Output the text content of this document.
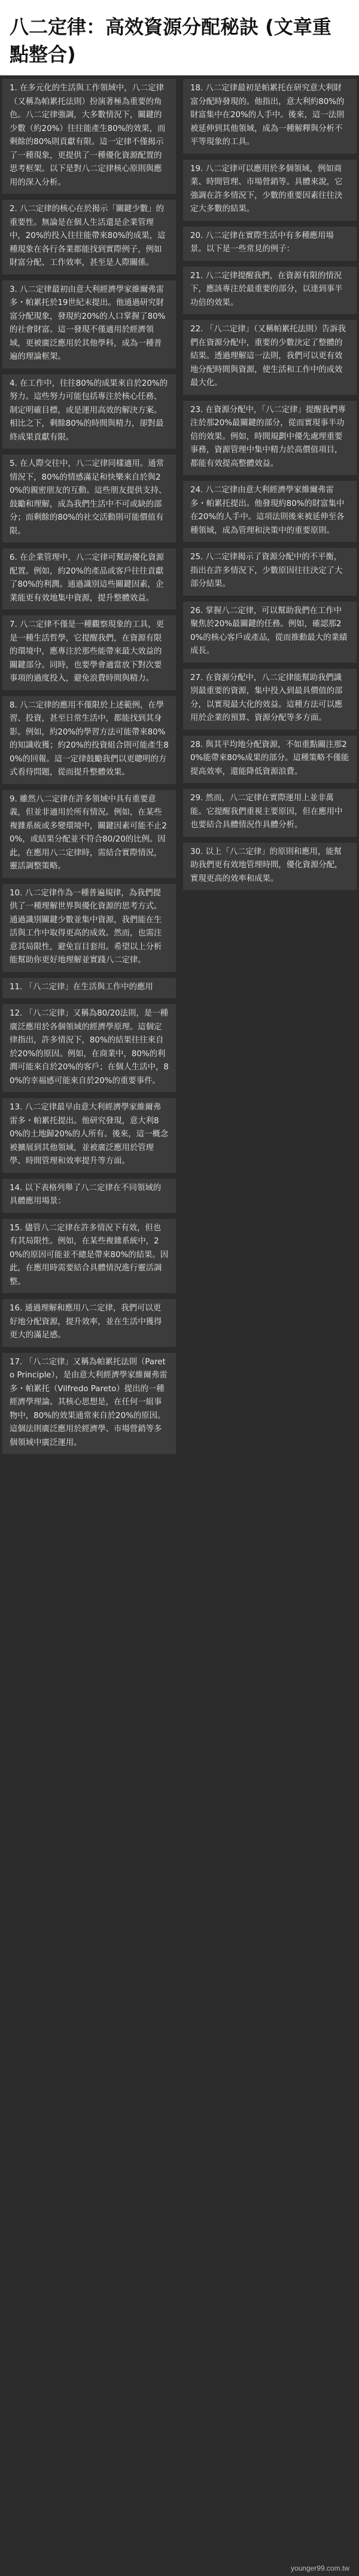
八二定律：高效資源分配秘訣 (文章重點整合)
1. 在多元化的生活與工作領域中，八二定律（又稱為帕累托法則）扮演著極為重要的角色。八二定律強調，大多數情況下，關鍵的少數（約20%）往往能產生80%的效果，而剩餘的80%則貢獻有限。這一定律不僅揭示了一種現象，更提供了一種優化資源配置的思考框架。以下是對八二定律核心原則與應用的深入分析。
2. 八二定律的核心在於揭示「關鍵少數」的重要性。無論是在個人生活還是企業管理中，20%的投入往往能帶來80%的成果，這種現象在各行各業都能找到實際例子，例如財富分配、工作效率，甚至是人際關係。
3. 八二定律最初由意大利經濟學家維爾弗雷多・帕累托於19世紀末提出。他通過研究財富分配現象，發現約20%的人口掌握了80%的社會財富。這一發現不僅適用於經濟領域，更被廣泛應用於其他學科，成為一種普遍的理論框架。
4. 在工作中，往往80%的成果來自於20%的努力。這些努力可能包括專注於核心任務、制定明確目標，或是運用高效的解決方案。相比之下，剩餘80%的時間與精力，卻對最終成果貢獻有限。
5. 在人際交往中，八二定律同樣適用。通常情況下，80%的情感滿足和快樂來自於與20%的親密朋友的互動。這些朋友提供支持、鼓勵和理解，成為我們生活中不可或缺的部分；而剩餘的80%的社交活動則可能價值有限。
6. 在企業管理中，八二定律可幫助優化資源配置。例如，約20%的產品或客戶往往貢獻了80%的利潤。通過識別這些關鍵因素，企業能更有效地集中資源，提升整體效益。
7. 八二定律不僅是一種觀察現象的工具，更是一種生活哲學，它提醒我們，在資源有限的環境中，應專注於那些能帶來最大效益的關鍵部分。同時，也要學會適當放下對次要事項的過度投入，避免浪費時間與精力。
8. 八二定律的應用不僅限於上述範例，在學習、投資，甚至日常生活中，都能找到其身影。例如，約20%的學習方法可能帶來80%的知識收獲；約20%的投資組合則可能產生80%的回報。這一定律鼓勵我們以更聰明的方式看待問題，從而提升整體效果。
9. 雖然八二定律在許多領域中具有重要意義，但並非適用於所有情況。例如，在某些複雜系統或多變環境中，關鍵因素可能不止20%，或結果分配並不符合80/20的比例。因此，在應用八二定律時，需結合實際情況，靈活調整策略。
10. 八二定律作為一種普遍規律，為我們提供了一種理解世界與優化資源的思考方式。通過識別關鍵少數並集中資源，我們能在生活與工作中取得更高的成效。然而，也需注意其局限性，避免盲目套用。希望以上分析能幫助你更好地理解並實踐八二定律。
11. 「八二定律」在生活與工作中的應用
12. 「八二定律」又稱為80/20法則，是一種廣泛應用於各個領域的經濟學原理。這個定律指出，許多情況下，80%的結果往往來自於20%的原因。例如，在商業中，80%的利潤可能來自於20%的客戶；在個人生活中，80%的幸福感可能來自於20%的重要事件。
13. 八二定律最早由意大利經濟學家維爾弗雷多・帕累托提出。他研究發現，意大利80%的土地歸20%的人所有。後來，這一概念被擴展到其他領域，並被廣泛應用於管理學、時間管理和效率提升等方面。
14. 以下表格列舉了八二定律在不同領域的具體應用場景：
15. 儘管八二定律在許多情況下有效，但也有其局限性。例如，在某些複雜系統中，20%的原因可能並不總是帶來80%的結果。因此，在應用時需要結合具體情況進行靈活調整。
16. 通過理解和應用八二定律，我們可以更好地分配資源，提升效率，並在生活中獲得更大的滿足感。
17. 「八二定律」又稱為帕累托法則（Pareto Principle），是由意大利經濟學家維爾弗雷多・帕累托（Vilfredo Pareto）提出的一種經濟學理論。其核心思想是，在任何一組事物中，80%的效果通常來自於20%的原因。這個法則廣泛應用於經濟學、市場營銷等多個領域中廣泛運用。
18. 八二定律最初是帕累托在研究意大利財富分配時發現的。他指出，意大利約80%的財富集中在20%的人手中。後來，這一法則被延伸到其他領域，成為一種解釋與分析不平等現象的工具。
19. 八二定律可以應用於多個領域，例如商業、時間管理、市場營銷等。具體來說，它強調在許多情況下，少數的重要因素往往決定大多數的結果。
20. 八二定律在實際生活中有多種應用場景。以下是一些常見的例子：
21. 八二定律提醒我們，在資源有限的情況下，應該專注於最重要的部分，以達到事半功倍的效果。
22. 「八二定律」（又稱帕累托法則）告訴我們在資源分配中，重要的少數決定了整體的結果。透過理解這一法則，我們可以更有效地分配時間與資源，使生活和工作中的成效最大化。
23. 在資源分配中，「八二定律」提醒我們專注於那20%最關鍵的部分，從而實現事半功倍的效果。例如，時間規劃中優先處理重要事務，資源管理中集中精力於高價值項目，都能有效提高整體效益。
24. 八二定律由意大利經濟學家維爾弗雷多・帕累托提出。他發現約80%的財富集中在20%的人手中。這項法則後來被延伸至各種領域，成為管理和決策中的重要原則。
25. 八二定律揭示了資源分配中的不平衡，指出在許多情況下，少數原因往往決定了大部分結果。
26. 掌握八二定律，可以幫助我們在工作中聚焦於20%最關鍵的任務。例如，確認那20%的核心客戶或產品，從而推動最大的業績成長。
27. 在資源分配中，八二定律能幫助我們識別最重要的資源，集中投入到最具價值的部分，以實現最大化的效益。這種方法可以應用於企業的預算、資源分配等多方面。
28. 與其平均地分配資源，不如重點關注那20%能帶來80%成果的部分。這種策略不僅能提高效率，還能降低資源浪費。
29. 然而，八二定律在實際運用上並非萬能。它提醒我們重視主要原因，但在應用中也要結合具體情況作具體分析。
30. 以上「八二定律」的原則和應用，能幫助我們更有效地管理時間，優化資源分配，實現更高的效率和成果。
younger99.com.tw
